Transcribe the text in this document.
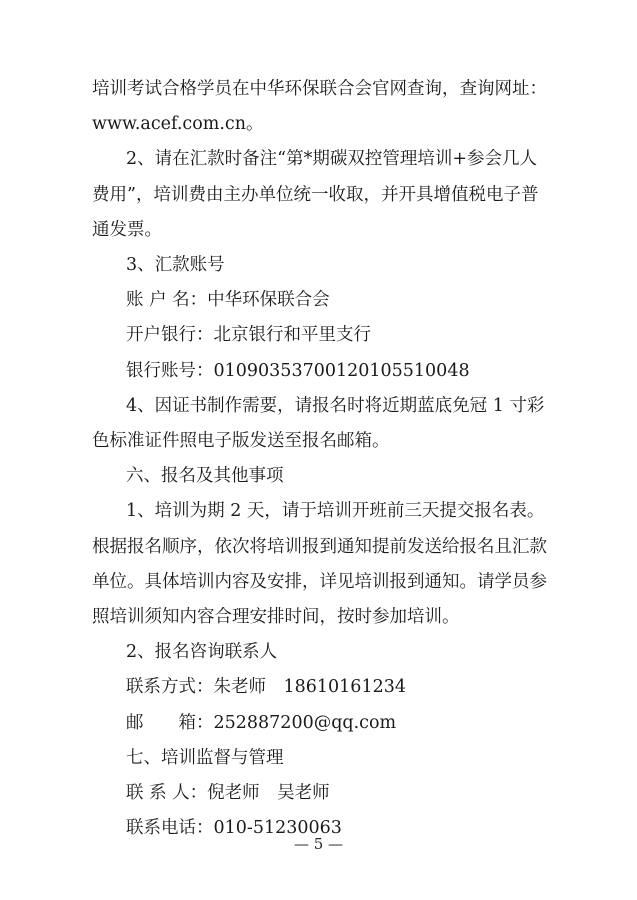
培训考试合格学员在中华环保联合会官网查询，查询网址：
www.acef.com.cn。
2、请在汇款时备注“第*期碳双控管理培训+参会几人
费用”，培训费由主办单位统一收取，并开具增值税电子普
通发票。
3、汇款账号
账 户 名：中华环保联合会
开户银行：北京银行和平里支行
银行账号：01090353700120105510048
4、因证书制作需要，请报名时将近期蓝底免冠 1 寸彩
色标准证件照电子版发送至报名邮箱。
六、报名及其他事项
1、培训为期 2 天，请于培训开班前三天提交报名表。
根据报名顺序，依次将培训报到通知提前发送给报名且汇款
单位。具体培训内容及安排，详见培训报到通知。请学员参
照培训须知内容合理安排时间，按时参加培训。
2、报名咨询联系人
联系方式：朱老师　18610161234
邮　　箱：252887200@qq.com
七、培训监督与管理
联 系 人：倪老师　吴老师
— 5 —
联系电话：010-51230063
